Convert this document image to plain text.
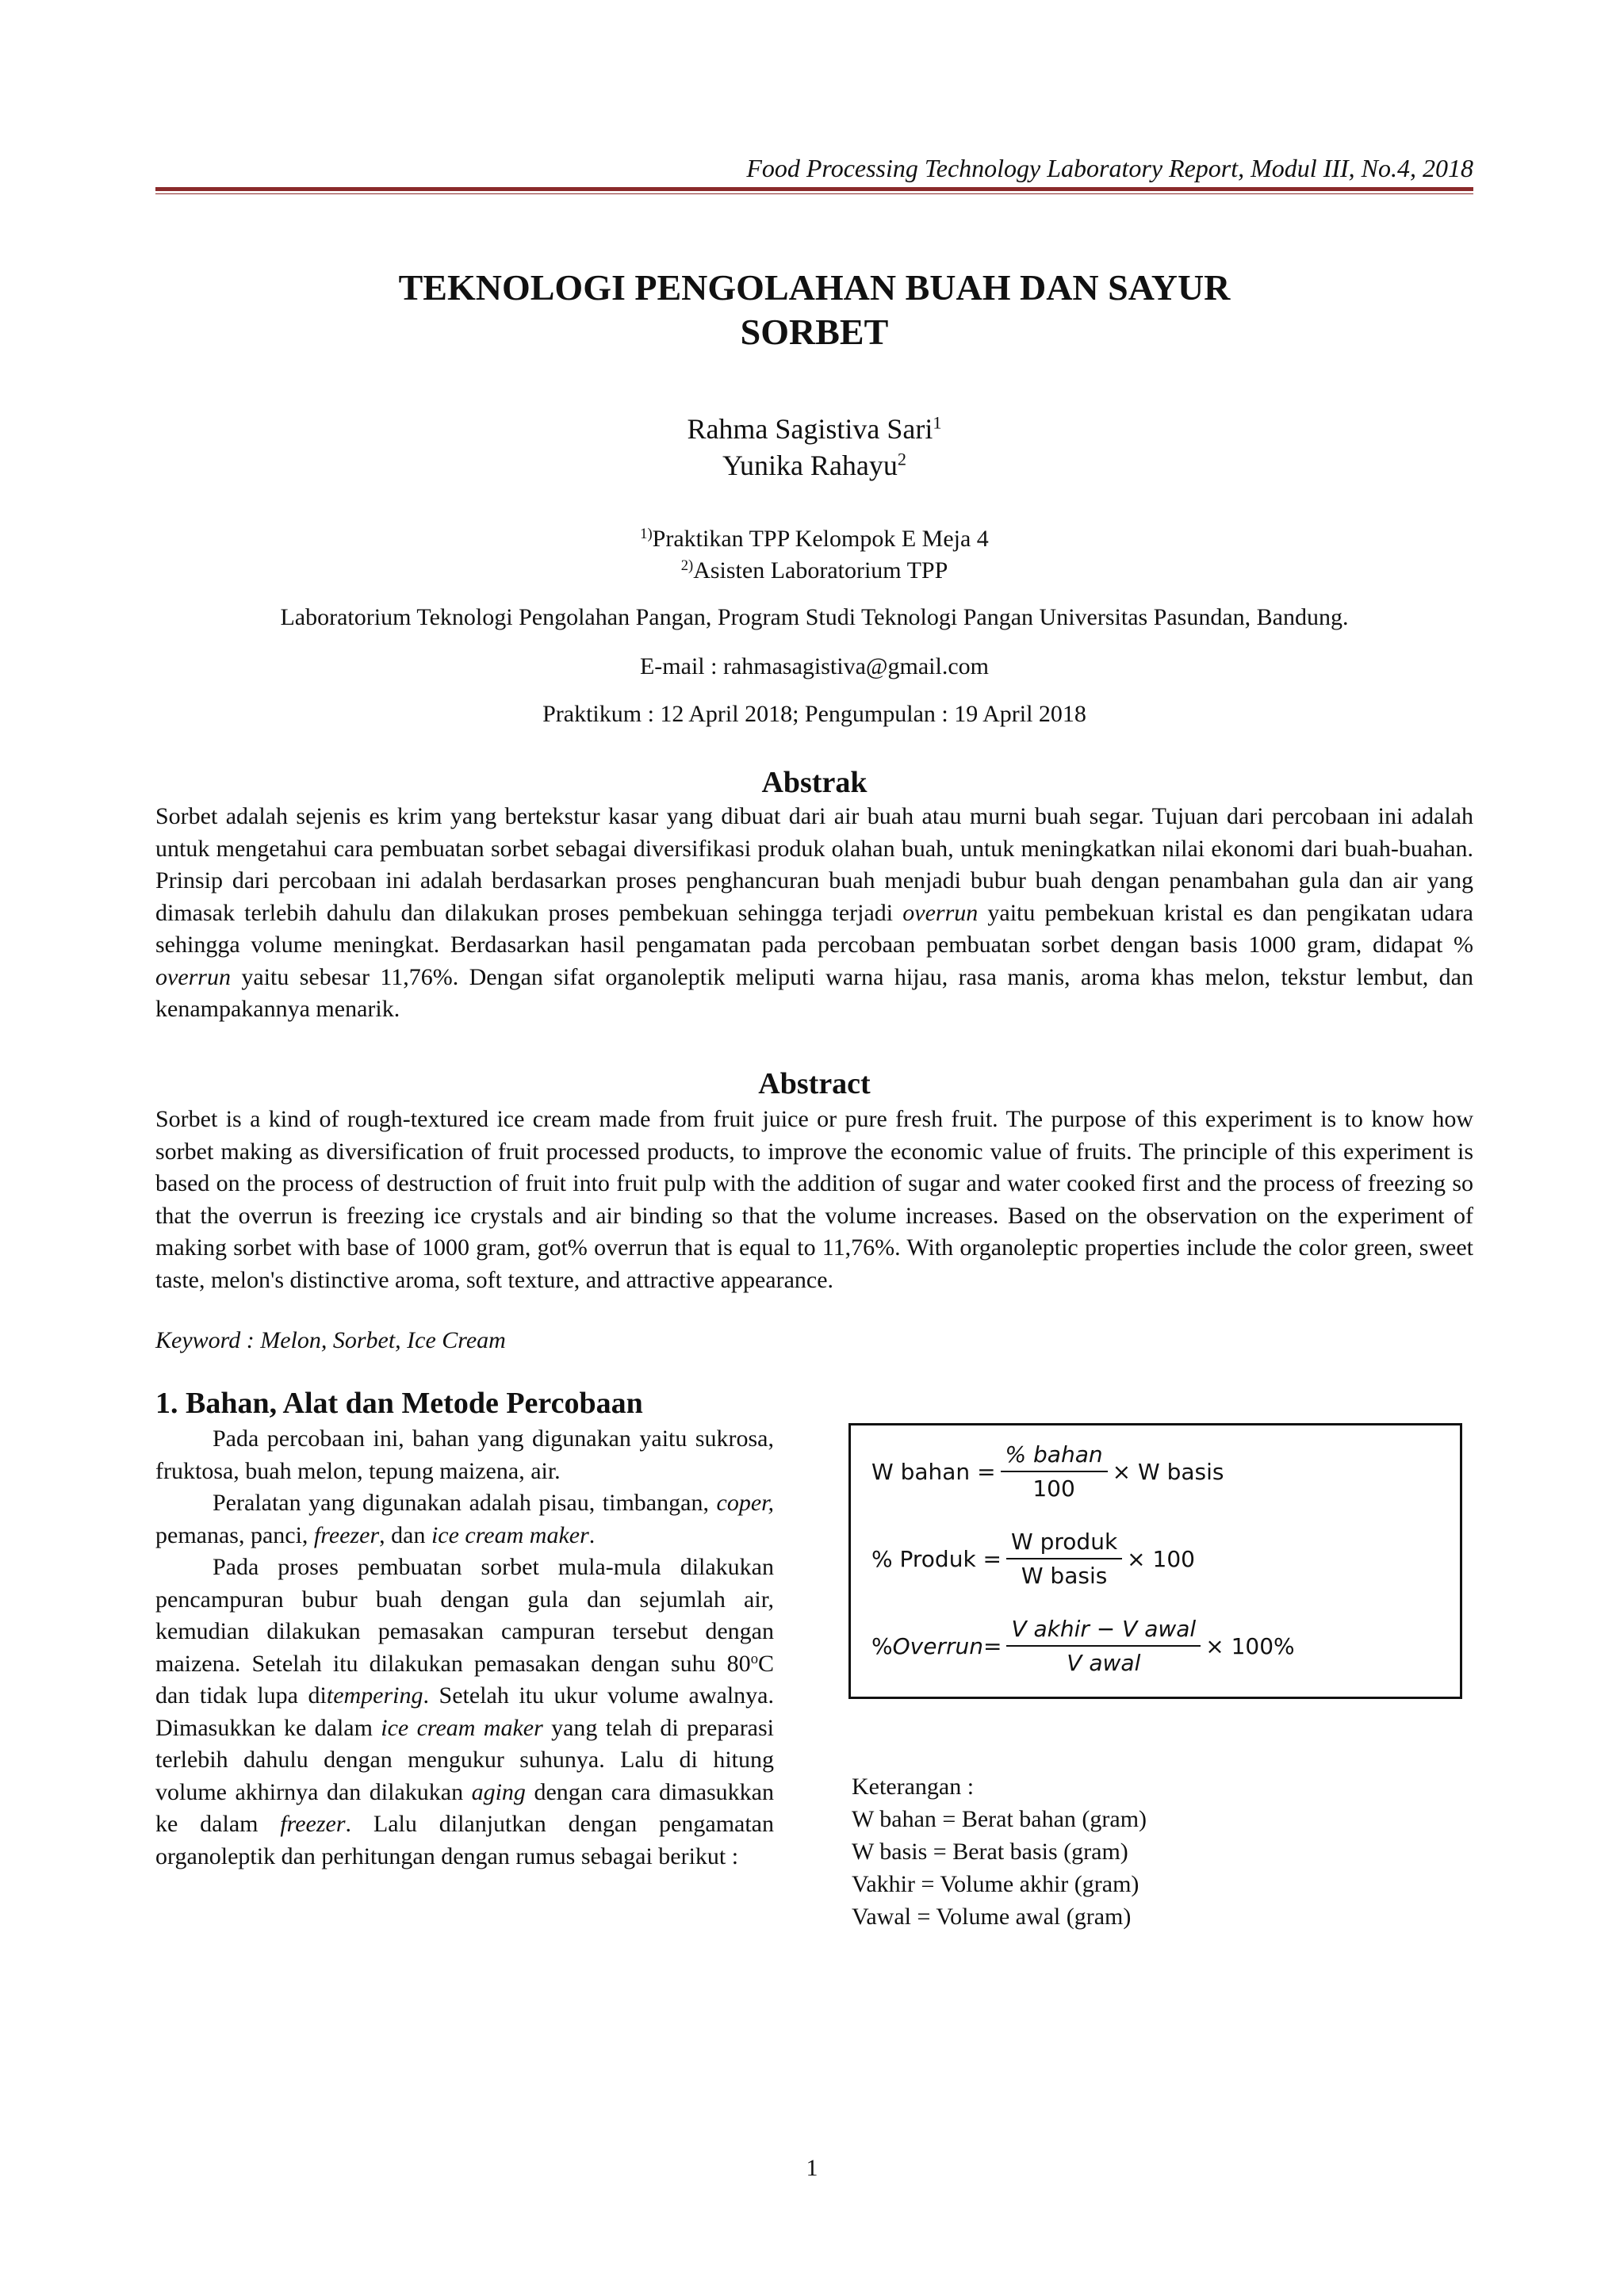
Food Processing Technology Laboratory Report, Modul III, No.4, 2018
TEKNOLOGI PENGOLAHAN BUAH DAN SAYUR
SORBET
Rahma Sagistiva Sari$^1$
Yunika Rahayu$^2$
$^{1)}$Praktikan TPP Kelompok E Meja 4
$^{2)}$Asisten Laboratorium TPP
Laboratorium Teknologi Pengolahan Pangan, Program Studi Teknologi Pangan Universitas Pasundan, Bandung.
E-mail : rahmasagistiva@gmail.com
Praktikum : 12 April 2018; Pengumpulan : 19 April 2018
Abstrak

Sorbet adalah sejenis es krim yang bertekstur kasar yang dibuat dari air buah atau murni buah segar. Tujuan dari percobaan ini adalah untuk mengetahui cara pembuatan sorbet sebagai diversifikasi produk olahan buah, untuk meningkatkan nilai ekonomi dari buah-buahan. Prinsip dari percobaan ini adalah berdasarkan proses penghancuran buah menjadi bubur buah dengan penambahan gula dan air yang dimasak terlebih dahulu dan dilakukan proses pembekuan sehingga terjadi overrun yaitu pembekuan kristal es dan pengikatan udara sehingga volume meningkat. Berdasarkan hasil pengamatan pada percobaan pembuatan sorbet dengan basis 1000 gram, didapat % overrun yaitu sebesar 11,76%. Dengan sifat organoleptik meliputi warna hijau, rasa manis, aroma khas melon, tekstur lembut, dan kenampakannya menarik.

Abstract

Sorbet is a kind of rough-textured ice cream made from fruit juice or pure fresh fruit. The purpose of this experiment is to know how sorbet making as diversification of fruit processed products, to improve the economic value of fruits. The principle of this experiment is based on the process of destruction of fruit into fruit pulp with the addition of sugar and water cooked first and the process of freezing so that the overrun is freezing ice crystals and air binding so that the volume increases. Based on the observation on the experiment of making sorbet with base of 1000 gram, got% overrun that is equal to 11,76%. With organoleptic properties include the color green, sweet taste, melon's distinctive aroma, soft texture, and attractive appearance.

Keyword : Melon, Sorbet, Ice Cream
1. Bahan, Alat dan Metode Percobaan

Pada percobaan ini, bahan yang digunakan yaitu sukrosa, fruktosa, buah melon, tepung maizena, air.

Peralatan yang digunakan adalah pisau, timbangan, coper, pemanas, panci, freezer, dan ice cream maker.

Pada proses pembuatan sorbet mula-mula dilakukan pencampuran bubur buah dengan gula dan sejumlah air, kemudian dilakukan pemasakan campuran tersebut dengan maizena. Setelah itu dilakukan pemasakan dengan suhu 80$^o$C dan tidak lupa ditempering. Setelah itu ukur volume awalnya. Dimasukkan ke dalam ice cream maker yang telah di preparasi terlebih dahulu dengan mengukur suhunya. Lalu di hitung volume akhirnya dan dilakukan aging dengan cara dimasukkan ke dalam freezer. Lalu dilanjutkan dengan pengamatan organoleptik dan perhitungan dengan rumus sebagai berikut :

W bahan = $\frac{\text{\% bahan}}{100} \times W$ basis
% Produk = $\frac{\text{W produk}}{\text{W basis}} \times 100$
% Overrun = $\frac{\text{V akhir − V awal}}{\text{V awal}} \times 100\%$
Keterangan :
W bahan = Berat bahan (gram)
W basis = Berat basis (gram)
Vakhir = Volume akhir (gram)
Vawal = Volume awal (gram)
1
